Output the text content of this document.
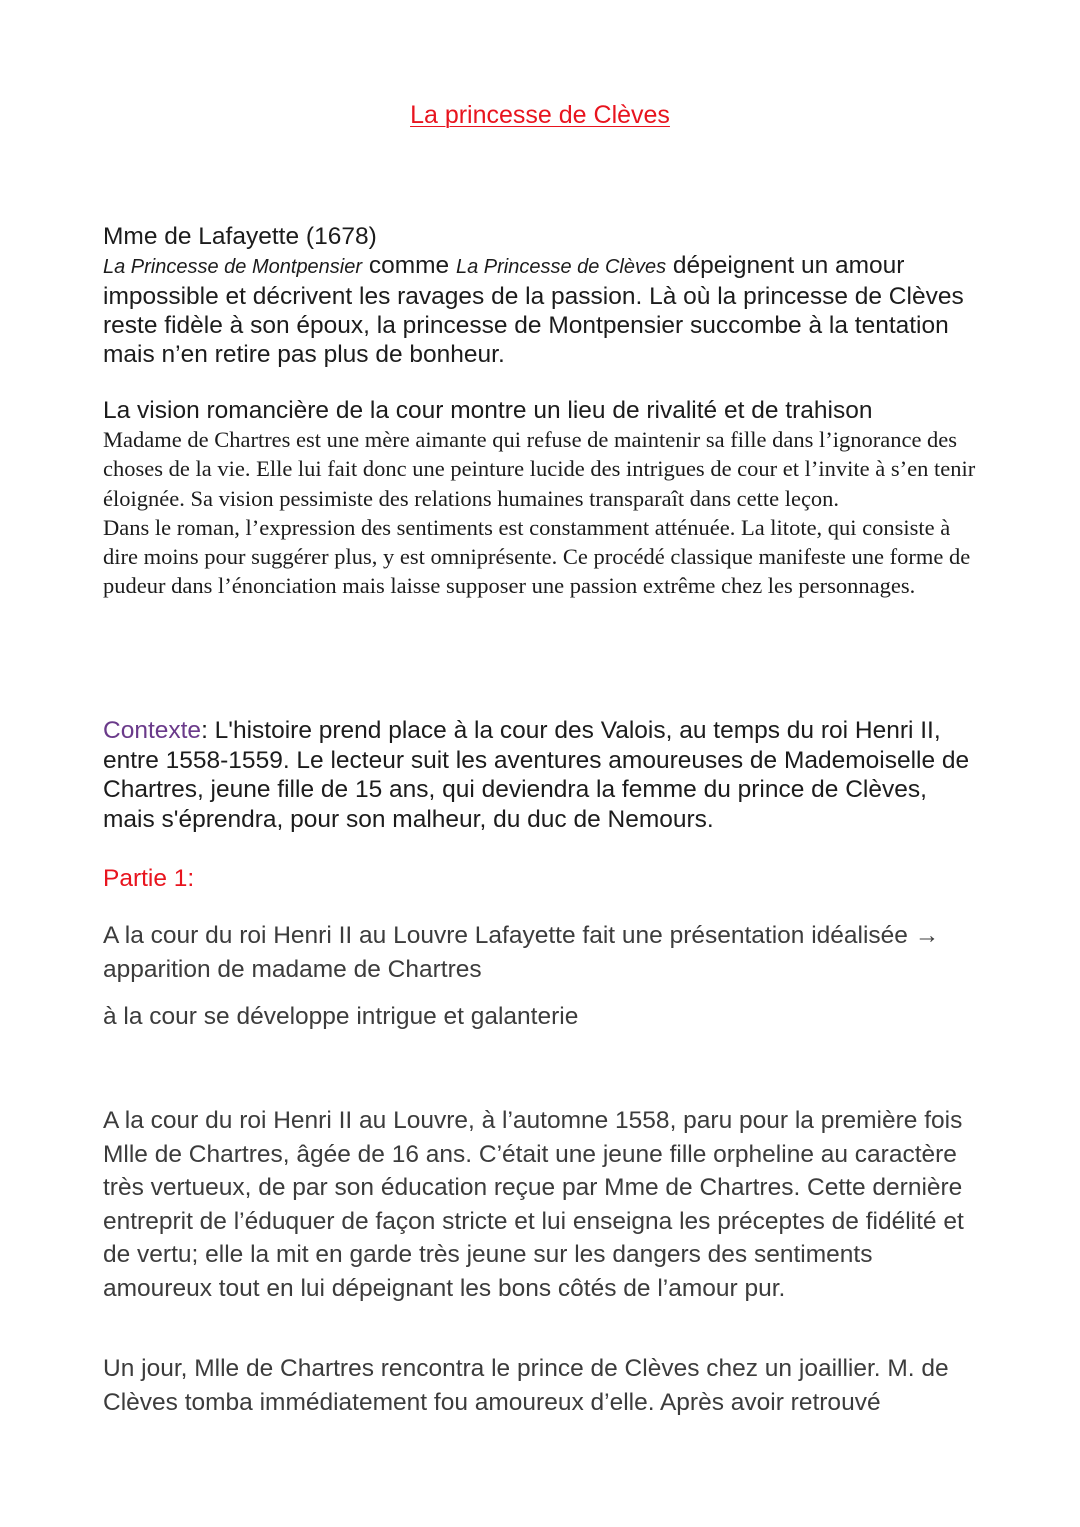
La princesse de Clèves

Mme de Lafayette (1678)

La Princesse de Montpensier comme La Princesse de Clèves dépeignent un amour impossible et décrivent les ravages de la passion. Là où la princesse de Clèves reste fidèle à son époux, la princesse de Montpensier succombe à la tentation mais n’en retire pas plus de bonheur.

La vision romancière de la cour montre un lieu de rivalité et de trahison

Madame de Chartres est une mère aimante qui refuse de maintenir sa fille dans l’ignorance des choses de la vie. Elle lui fait donc une peinture lucide des intrigues de cour et l’invite à s’en tenir éloignée. Sa vision pessimiste des relations humaines transparaît dans cette leçon.
Dans le roman, l’expression des sentiments est constamment atténuée. La litote, qui consiste à dire moins pour suggérer plus, y est omniprésente. Ce procédé classique manifeste une forme de pudeur dans l’énonciation mais laisse supposer une passion extrême chez les personnages.

Contexte: L'histoire prend place à la cour des Valois, au temps du roi Henri II, entre 1558-1559. Le lecteur suit les aventures amoureuses de Mademoiselle de Chartres, jeune fille de 15 ans, qui deviendra la femme du prince de Clèves, mais s'éprendra, pour son malheur, du duc de Nemours.

Partie 1:

A la cour du roi Henri II au Louvre Lafayette fait une présentation idéalisée → apparition de madame de Chartres

à la cour se développe intrigue et galanterie

A la cour du roi Henri II au Louvre, à l’automne 1558, paru pour la première fois Mlle de Chartres, âgée de 16 ans. C’était une jeune fille orpheline au caractère très vertueux, de par son éducation reçue par Mme de Chartres. Cette dernière entreprit de l’éduquer de façon stricte et lui enseigna les préceptes de fidélité et de vertu; elle la mit en garde très jeune sur les dangers des sentiments amoureux tout en lui dépeignant les bons côtés de l’amour pur.

Un jour, Mlle de Chartres rencontra le prince de Clèves chez un joaillier. M. de Clèves tomba immédiatement fou amoureux d’elle. Après avoir retrouvé
